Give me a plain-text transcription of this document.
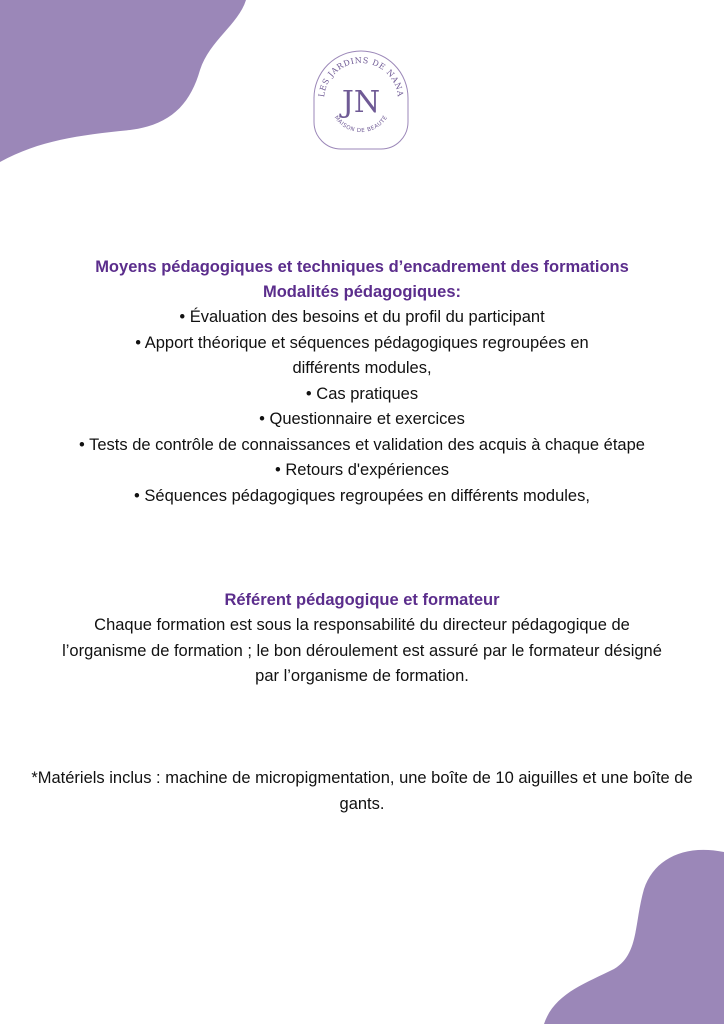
LES JARDINS DE NANA
JN
MAISON DE BEAUTÉ

Moyens pédagogiques et techniques d’encadrement des formations

Modalités pédagogiques:

• Évaluation des besoins et du profil du participant
• Apport théorique et séquences pédagogiques regroupées en différents modules,
• Cas pratiques
• Questionnaire et exercices
• Tests de contrôle de connaissances et validation des acquis à chaque étape
• Retours d'expériences
• Séquences pédagogiques regroupées en différents modules,

Référent pédagogique et formateur

Chaque formation est sous la responsabilité du directeur pédagogique de l’organisme de formation ; le bon déroulement est assuré par le formateur désigné par l’organisme de formation.

*Matériels inclus : machine de micropigmentation, une boîte de 10 aiguilles et une boîte de gants.
